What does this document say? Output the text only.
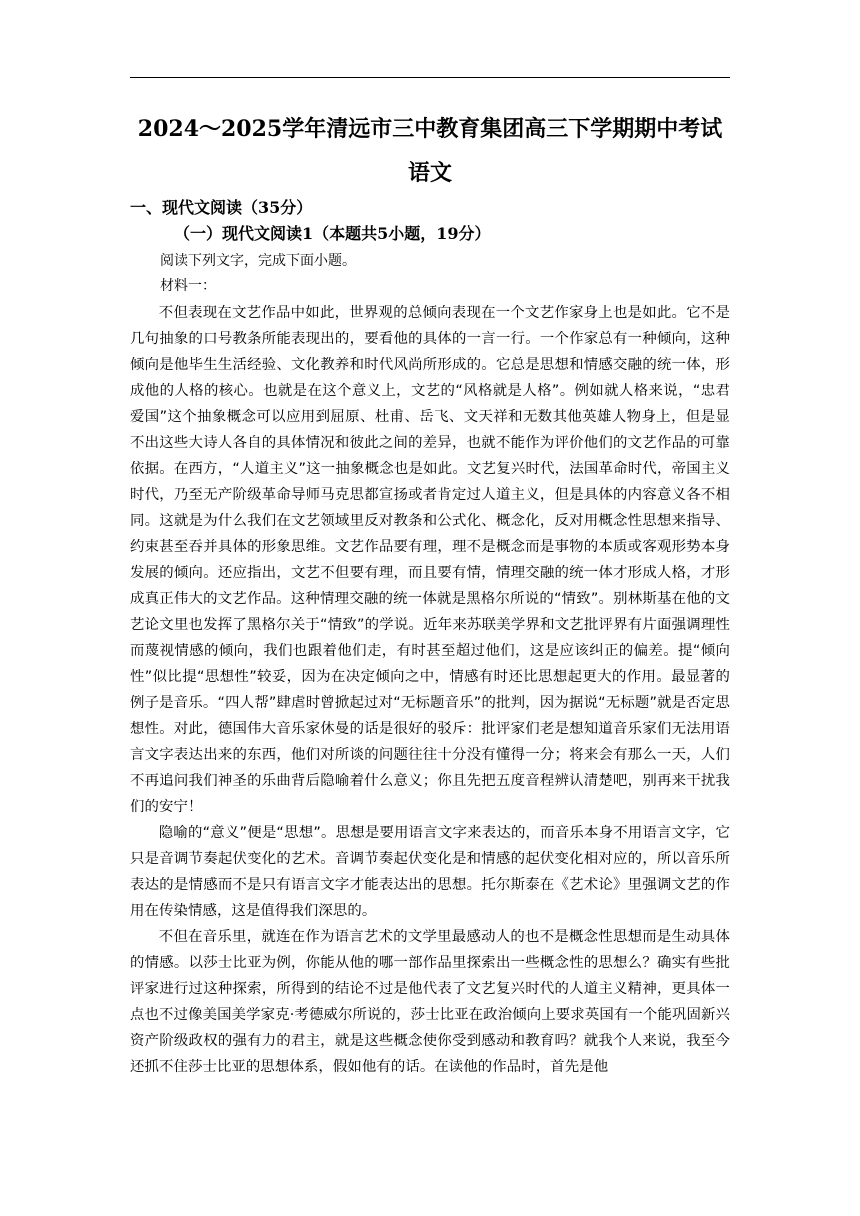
2024～2025学年清远市三中教育集团高三下学期期中考试
语文
一、现代文阅读（35分）
（一）现代文阅读1（本题共5小题，19分）
阅读下列文字，完成下面小题。
材料一：

不但表现在文艺作品中如此，世界观的总倾向表现在一个文艺作家身上也是如此。它不是几句抽象的口号教条所能表现出的，要看他的具体的一言一行。一个作家总有一种倾向，这种倾向是他毕生生活经验、文化教养和时代风尚所形成的。它总是思想和情感交融的统一体，形成他的人格的核心。也就是在这个意义上，文艺的“风格就是人格”。例如就人格来说，“忠君爱国”这个抽象概念可以应用到屈原、杜甫、岳飞、文天祥和无数其他英雄人物身上，但是显不出这些大诗人各自的具体情况和彼此之间的差异，也就不能作为评价他们的文艺作品的可靠依据。在西方，“人道主义”这一抽象概念也是如此。文艺复兴时代，法国革命时代，帝国主义时代，乃至无产阶级革命导师马克思都宣扬或者肯定过人道主义，但是具体的内容意义各不相同。这就是为什么我们在文艺领域里反对教条和公式化、概念化，反对用概念性思想来指导、约束甚至吞并具体的形象思维。文艺作品要有理，理不是概念而是事物的本质或客观形势本身发展的倾向。还应指出，文艺不但要有理，而且要有情，情理交融的统一体才形成人格，才形成真正伟大的文艺作品。这种情理交融的统一体就是黑格尔所说的“情致”。别林斯基在他的文艺论文里也发挥了黑格尔关于“情致”的学说。近年来苏联美学界和文艺批评界有片面强调理性而蔑视情感的倾向，我们也跟着他们走，有时甚至超过他们，这是应该纠正的偏差。提“倾向性”似比提“思想性”较妥，因为在决定倾向之中，情感有时还比思想起更大的作用。最显著的例子是音乐。“四人帮”肆虐时曾掀起过对“无标题音乐”的批判，因为据说“无标题”就是否定思想性。对此，德国伟大音乐家休曼的话是很好的驳斥：批评家们老是想知道音乐家们无法用语言文字表达出来的东西，他们对所谈的问题往往十分没有懂得一分；将来会有那么一天，人们不再追问我们神圣的乐曲背后隐喻着什么意义；你且先把五度音程辨认清楚吧，别再来干扰我们的安宁！

隐喻的“意义”便是“思想”。思想是要用语言文字来表达的，而音乐本身不用语言文字，它只是音调节奏起伏变化的艺术。音调节奏起伏变化是和情感的起伏变化相对应的，所以音乐所表达的是情感而不是只有语言文字才能表达出的思想。托尔斯泰在《艺术论》里强调文艺的作用在传染情感，这是值得我们深思的。

不但在音乐里，就连在作为语言艺术的文学里最感动人的也不是概念性思想而是生动具体的情感。以莎士比亚为例，你能从他的哪一部作品里探索出一些概念性的思想么？确实有些批评家进行过这种探索，所得到的结论不过是他代表了文艺复兴时代的人道主义精神，更具体一点也不过像美国美学家克·考德威尔所说的，莎士比亚在政治倾向上要求英国有一个能巩固新兴资产阶级政权的强有力的君主，就是这些概念使你受到感动和教育吗？就我个人来说，我至今还抓不住莎士比亚的思想体系，假如他有的话。在读他的作品时，首先是他
